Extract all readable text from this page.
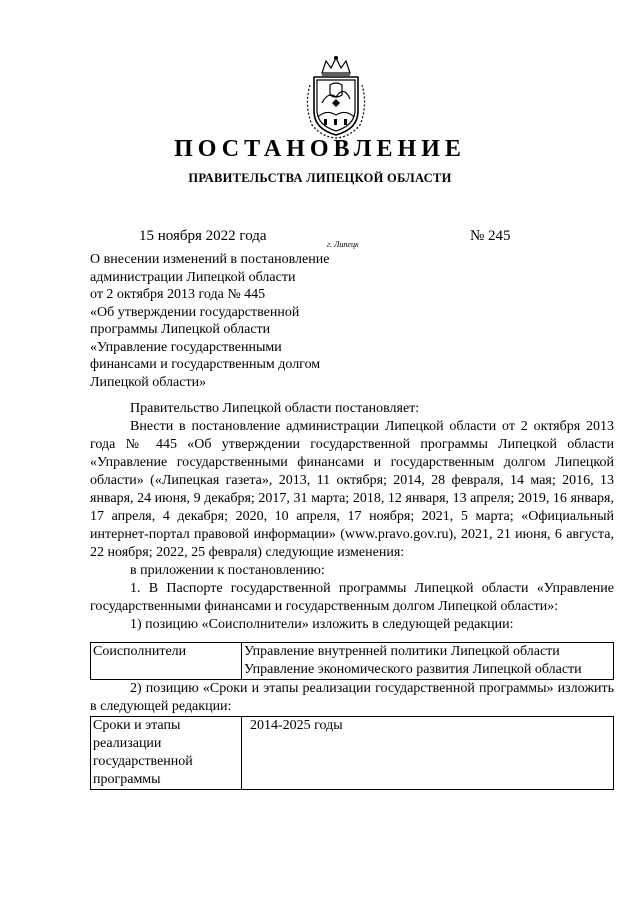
ПОСТАНОВЛЕНИЕ
ПРАВИТЕЛЬСТВА ЛИПЕЦКОЙ ОБЛАСТИ
15 ноября 2022 года
г. Липецк
№ 245
О внесении изменений в постановление
администрации Липецкой области
от 2 октября 2013 года № 445
«Об утверждении государственной
программы Липецкой области
«Управление государственными
финансами и государственным долгом
Липецкой области»

Правительство Липецкой области постановляет:

Внести в постановление администрации Липецкой области от 2 октября 2013 года № 445 «Об утверждении государственной программы Липецкой области «Управление государственными финансами и государственным долгом Липецкой области» («Липецкая газета», 2013, 11 октября; 2014, 28 февраля, 14 мая; 2016, 13 января, 24 июня, 9 декабря; 2017, 31 марта; 2018, 12 января, 13 апреля; 2019, 16 января, 17 апреля, 4 декабря; 2020, 10 апреля, 17 ноября; 2021, 5 марта; «Официальный интернет-портал правовой информации» (www.pravo.gov.ru), 2021, 21 июня, 6 августа, 22 ноября; 2022, 25 февраля) следующие изменения:

в приложении к постановлению:

1. В Паспорте государственной программы Липецкой области «Управление государственными финансами и государственным долгом Липецкой области»:

1) позицию «Соисполнители» изложить в следующей редакции:

Соисполнители	Управление внутренней политики Липецкой области
Управление экономического развития Липецкой области

2) позицию «Сроки и этапы реализации государственной программы» изложить в следующей редакции:

Сроки и этапы реализации государственной программы	2014-2025 годы
